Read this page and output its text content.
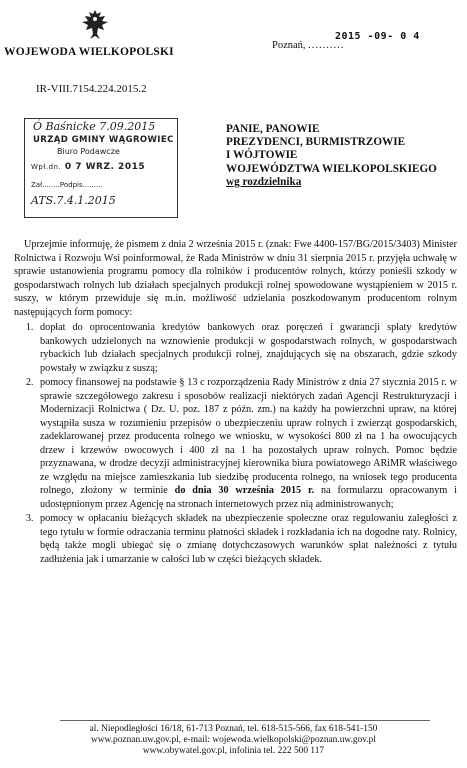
WOJEWODA WIELKOPOLSKI
IR-VIII.7154.224.2015.2
Poznań, ..........
2015 -09- 0 4
Ó Baśnicke 7.09.2015
URZĄD GMINY WĄGROWIEC
Biuro Podawcze
Wpł.dn. 0 7 WRZ. 2015
Zał........Podpis.........
ATS.7.4.1.2015
PANIE, PANOWIE
PREZYDENCI, BURMISTRZOWIE
I WÓJTOWIE
WOJEWÓDZTWA WIELKOPOLSKIEGO
wg rozdzielnika

Uprzejmie informuję, że pismem z dnia 2 września 2015 r. (znak: Fwe 4400-157/BG/2015/3403) Minister Rolnictwa i Rozwoju Wsi poinformował, że Rada Ministrów w dniu 31 sierpnia 2015 r. przyjęła uchwałę w sprawie ustanowienia programu pomocy dla rolników i producentów rolnych, którzy ponieśli szkody w gospodarstwach rolnych lub działach specjalnych produkcji rolnej spowodowane wystąpieniem w 2015 r. suszy, w którym przewiduje się m.in. możliwość udzielania poszkodowanym producentom rolnym następujących form pomocy:

1. dopłat do oprocentowania kredytów bankowych oraz poręczeń i gwarancji spłaty kredytów bankowych udzielonych na wznowienie produkcji w gospodarstwach rolnych, w gospodarstwach rybackich lub działach specjalnych produkcji rolnej, znajdujących się na obszarach, gdzie szkody powstały w związku z suszą;
2. pomocy finansowej na podstawie § 13 c rozporządzenia Rady Ministrów z dnia 27 stycznia 2015 r. w sprawie szczegółowego zakresu i sposobów realizacji niektórych zadań Agencji Restrukturyzacji i Modernizacji Rolnictwa ( Dz. U. poz. 187 z późn. zm.) na każdy ha powierzchni upraw, na której wystąpiła susza w rozumieniu przepisów o ubezpieczeniu upraw rolnych i zwierząt gospodarskich, zadeklarowanej przez producenta rolnego we wniosku, w wysokości 800 zł na 1 ha owocujących drzew i krzewów owocowych i 400 zł na 1 ha pozostałych upraw rolnych. Pomoc będzie przyznawana, w drodze decyzji administracyjnej kierownika biura powiatowego ARiMR właściwego ze względu na miejsce zamieszkania lub siedzibę producenta rolnego, na wniosek tego producenta rolnego, złożony w terminie do dnia 30 września 2015 r. na formularzu opracowanym i udostępnionym przez Agencję na stronach internetowych przez nią administrowanych;
3. pomocy w opłacaniu bieżących składek na ubezpieczenie społeczne oraz regulowaniu zaległości z tego tytułu w formie odraczania terminu płatności składek i rozkładania ich na dogodne raty. Rolnicy, będą także mogli ubiegać się o zmianę dotychczasowych warunków spłat należności z tytułu zadłużenia jak i umarzanie w całości lub w części bieżących składek.
al. Niepodległości 16/18, 61-713 Poznań, tel. 618-515-566, fax 618-541-150
www.poznan.uw.gov.pl, e-mail: wojewoda.wielkopolski@poznan.uw.gov.pl
www.obywatel.gov.pl, infolinia tel. 222 500 117
